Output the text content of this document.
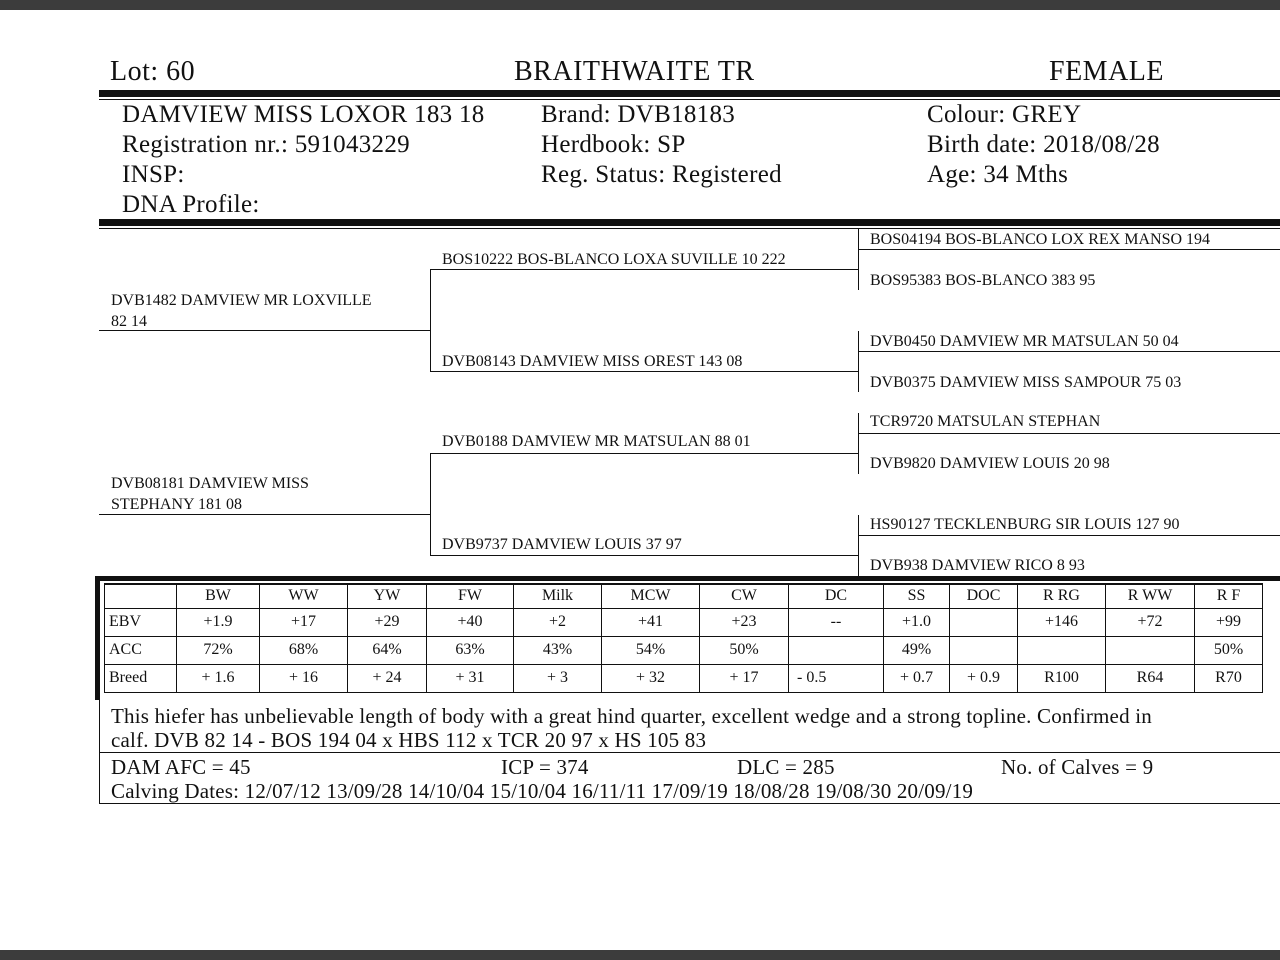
Lot: 60	BRAITHWAITE TR	FEMALE
DAMVIEW MISS LOXOR 183 18
Registration nr.: 591043229
INSP:
DNA Profile:
Brand: DVB18183
Herdbook: SP
Reg. Status: Registered
Colour: GREY
Birth date: 2018/08/28
Age: 34 Mths
DVB1482 DAMVIEW MR LOXVILLE
82 14
BOS10222 BOS-BLANCO LOXA SUVILLE 10 222
DVB08143 DAMVIEW MISS OREST 143 08
BOS04194 BOS-BLANCO LOX REX MANSO 194
BOS95383 BOS-BLANCO 383 95
DVB0450 DAMVIEW MR MATSULAN 50 04
DVB0375 DAMVIEW MISS SAMPOUR 75 03
DVB08181 DAMVIEW MISS
STEPHANY 181 08
DVB0188 DAMVIEW MR MATSULAN 88 01
DVB9737 DAMVIEW LOUIS 37 97
TCR9720 MATSULAN STEPHAN
DVB9820 DAMVIEW LOUIS 20 98
HS90127 TECKLENBURG SIR LOUIS 127 90
DVB938 DAMVIEW RICO 8 93
	BW	WW	YW	FW	Milk	MCW	CW	DC	SS	DOC	R RG	R WW	R F
EBV	+1.9	+17	+29	+40	+2	+41	+23	--	+1.0		+146	+72	+99
ACC	72%	68%	64%	63%	43%	54%	50%		49%				50%
Breed	+ 1.6	+ 16	+ 24	+ 31	+ 3	+ 32	+ 17	- 0.5	+ 0.7	+ 0.9	R100	R64	R70
This hiefer has unbelievable length of body with a great hind quarter, excellent wedge and a strong topline. Confirmed in
calf. DVB 82 14 - BOS 194 04 x HBS 112 x TCR 20 97 x HS 105 83
DAM AFC = 45	ICP = 374	DLC = 285	No. of Calves = 9
Calving Dates: 12/07/12 13/09/28 14/10/04 15/10/04 16/11/11 17/09/19 18/08/28 19/08/30 20/09/19
